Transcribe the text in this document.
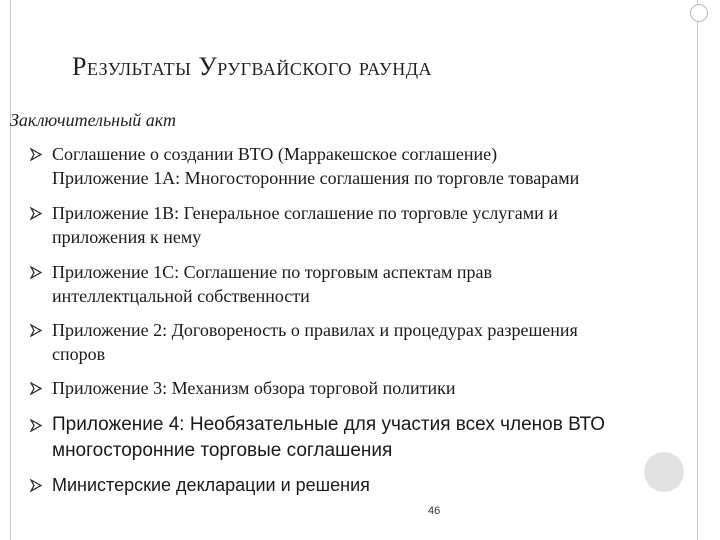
Результаты Уругвайского раунда

Заключительный акт

Соглашение о создании ВТО (Марракешское соглашение)
Приложение 1А: Многосторонние соглашения по торговле товарами
Приложение 1В: Генеральное соглашение по торговле услугами и
приложения к нему
Приложение 1С: Соглашение по торговым аспектам прав
интеллектцальной собственности
Приложение 2: Договореность о правилах и процедурах разрешения
споров
Приложение 3: Механизм обзора торговой политики
Приложение 4: Необязательные для участия всех членов ВТО
многосторонние торговые соглашения
Министерские декларации и решения
46
